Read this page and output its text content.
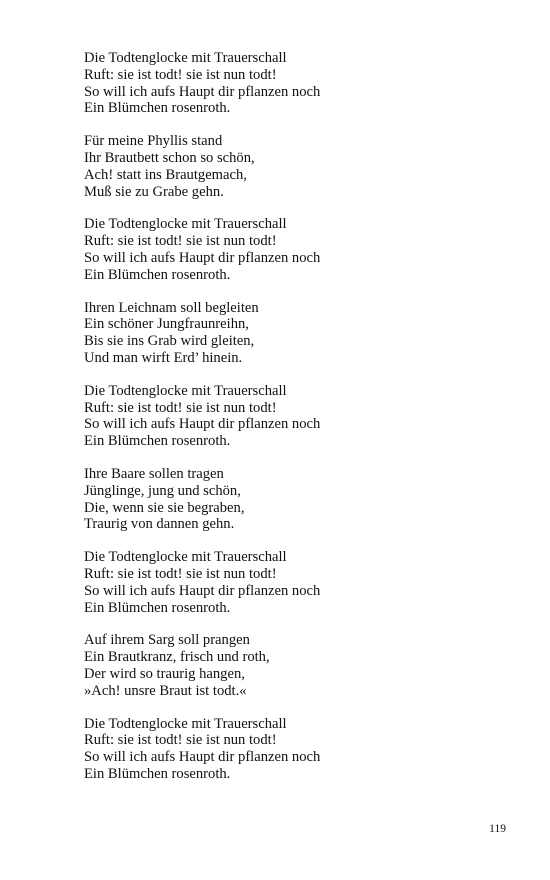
Die Todtenglocke mit Trauerschall
Ruft: sie ist todt! sie ist nun todt!
So will ich aufs Haupt dir pflanzen noch
Ein Blümchen rosenroth.
Für meine Phyllis stand
Ihr Brautbett schon so schön,
Ach! statt ins Brautgemach,
Muß sie zu Grabe gehn.
Die Todtenglocke mit Trauerschall
Ruft: sie ist todt! sie ist nun todt!
So will ich aufs Haupt dir pflanzen noch
Ein Blümchen rosenroth.
Ihren Leichnam soll begleiten
Ein schöner Jungfraunreihn,
Bis sie ins Grab wird gleiten,
Und man wirft Erd’ hinein.
Die Todtenglocke mit Trauerschall
Ruft: sie ist todt! sie ist nun todt!
So will ich aufs Haupt dir pflanzen noch
Ein Blümchen rosenroth.
Ihre Baare sollen tragen
Jünglinge, jung und schön,
Die, wenn sie sie begraben,
Traurig von dannen gehn.
Die Todtenglocke mit Trauerschall
Ruft: sie ist todt! sie ist nun todt!
So will ich aufs Haupt dir pflanzen noch
Ein Blümchen rosenroth.
Auf ihrem Sarg soll prangen
Ein Brautkranz, frisch und roth,
Der wird so traurig hangen,
»Ach! unsre Braut ist todt.«
Die Todtenglocke mit Trauerschall
Ruft: sie ist todt! sie ist nun todt!
So will ich aufs Haupt dir pflanzen noch
Ein Blümchen rosenroth.
119
